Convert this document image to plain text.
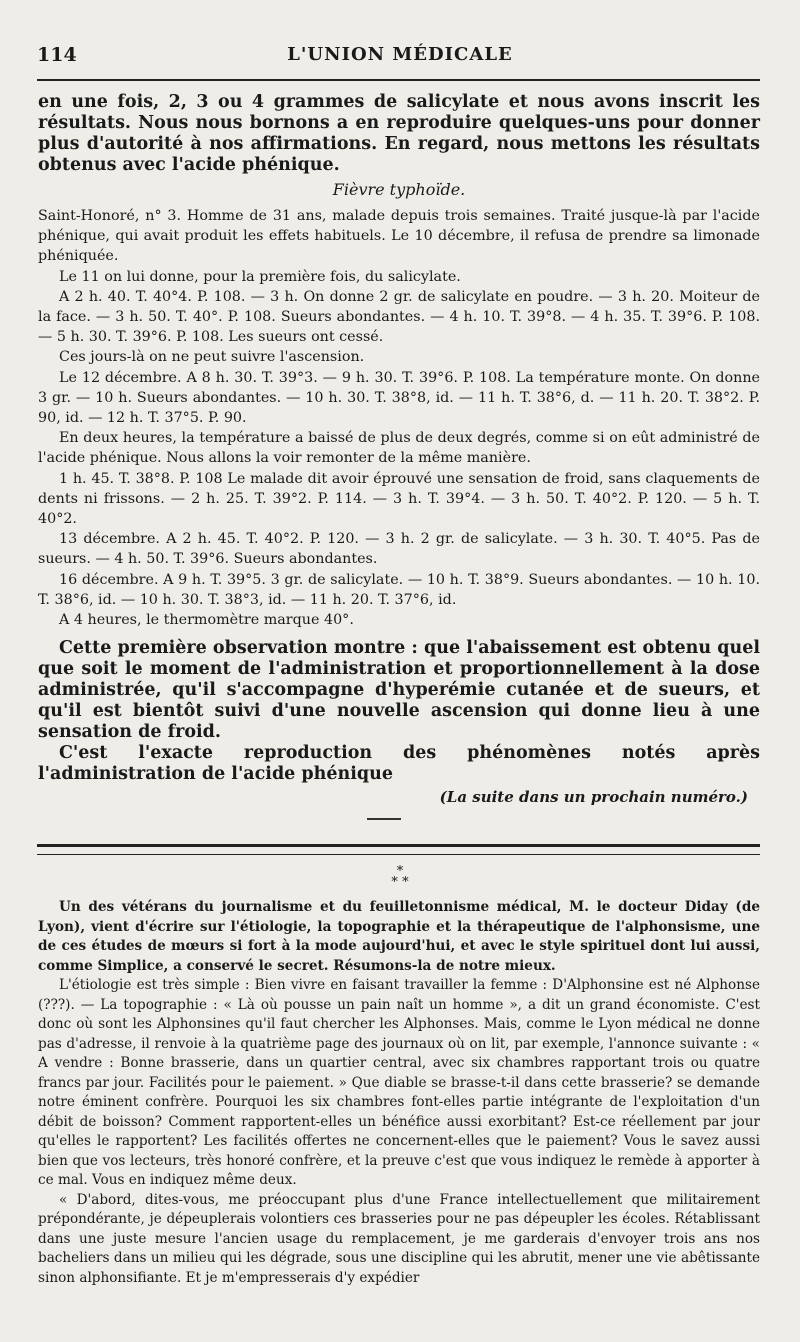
114	L'UNION MÉDICALE

en une fois, 2, 3 ou 4 grammes de salicylate et nous avons inscrit les résultats. Nous nous bornons a en reproduire quelques-uns pour donner plus d'autorité à nos affirmations. En regard, nous mettons les résultats obtenus avec l'acide phénique.

Fièvre typhoïde.

Saint-Honoré, n° 3. Homme de 31 ans, malade depuis trois semaines. Traité jusque-là par l'acide phénique, qui avait produit les effets habituels. Le 10 décembre, il refusa de prendre sa limonade phéniquée.

Le 11 on lui donne, pour la première fois, du salicylate.

A 2 h. 40. T. 40°4. P. 108. — 3 h. On donne 2 gr. de salicylate en poudre. — 3 h. 20. Moiteur de la face. — 3 h. 50. T. 40°. P. 108. Sueurs abondantes. — 4 h. 10. T. 39°8. — 4 h. 35. T. 39°6. P. 108. — 5 h. 30. T. 39°6. P. 108. Les sueurs ont cessé.

Ces jours-là on ne peut suivre l'ascension.

Le 12 décembre. A 8 h. 30. T. 39°3. — 9 h. 30. T. 39°6. P. 108. La température monte. On donne 3 gr. — 10 h. Sueurs abondantes. — 10 h. 30. T. 38°8, id. — 11 h. T. 38°6, d. — 11 h. 20. T. 38°2. P. 90, id. — 12 h. T. 37°5. P. 90.

En deux heures, la température a baissé de plus de deux degrés, comme si on eût administré de l'acide phénique. Nous allons la voir remonter de la même manière.

1 h. 45. T. 38°8. P. 108 Le malade dit avoir éprouvé une sensation de froid, sans claquements de dents ni frissons. — 2 h. 25. T. 39°2. P. 114. — 3 h. T. 39°4. — 3 h. 50. T. 40°2. P. 120. — 5 h. T. 40°2.

13 décembre. A 2 h. 45. T. 40°2. P. 120. — 3 h. 2 gr. de salicylate. — 3 h. 30. T. 40°5. Pas de sueurs. — 4 h. 50. T. 39°6. Sueurs abondantes.

16 décembre. A 9 h. T. 39°5. 3 gr. de salicylate. — 10 h. T. 38°9. Sueurs abondantes. — 10 h. 10. T. 38°6, id. — 10 h. 30. T. 38°3, id. — 11 h. 20. T. 37°6, id.

A 4 heures, le thermomètre marque 40°.

Cette première observation montre : que l'abaissement est obtenu quel que soit le moment de l'administration et proportionnellement à la dose administrée, qu'il s'accompagne d'hyperémie cutanée et de sueurs, et qu'il est bientôt suivi d'une nouvelle ascension qui donne lieu à une sensation de froid.

C'est l'exacte reproduction des phénomènes notés après l'administration de l'acide phénique

(La suite dans un prochain numéro.)
*
* *

Un des vétérans du journalisme et du feuilletonnisme médical, M. le docteur Diday (de Lyon), vient d'écrire sur l'étiologie, la topographie et la thérapeutique de l'alphonsisme, une de ces études de mœurs si fort à la mode aujourd'hui, et avec le style spirituel dont lui aussi, comme Simplice, a conservé le secret. Résumons-la de notre mieux.

L'étiologie est très simple : Bien vivre en faisant travailler la femme : D'Alphonsine est né Alphonse (???). — La topographie : « Là où pousse un pain naît un homme », a dit un grand économiste. C'est donc où sont les Alphonsines qu'il faut chercher les Alphonses. Mais, comme le Lyon médical ne donne pas d'adresse, il renvoie à la quatrième page des journaux où on lit, par exemple, l'annonce suivante : « A vendre : Bonne brasserie, dans un quartier central, avec six chambres rapportant trois ou quatre francs par jour. Facilités pour le paiement. » Que diable se brasse-t-il dans cette brasserie? se demande notre éminent confrère. Pourquoi les six chambres font-elles partie intégrante de l'exploitation d'un débit de boisson? Comment rapportent-elles un bénéfice aussi exorbitant? Est-ce réellement par jour qu'elles le rapportent? Les facilités offertes ne concernent-elles que le paiement? Vous le savez aussi bien que vos lecteurs, très honoré confrère, et la preuve c'est que vous indiquez le remède à apporter à ce mal. Vous en indiquez même deux.

« D'abord, dites-vous, me préoccupant plus d'une France intellectuellement que militairement prépondérante, je dépeuplerais volontiers ces brasseries pour ne pas dépeupler les écoles. Rétablissant dans une juste mesure l'ancien usage du remplacement, je me garderais d'envoyer trois ans nos bacheliers dans un milieu qui les dégrade, sous une discipline qui les abrutit, mener une vie abêtissante sinon alphonsifiante. Et je m'empresserais d'y expédier
